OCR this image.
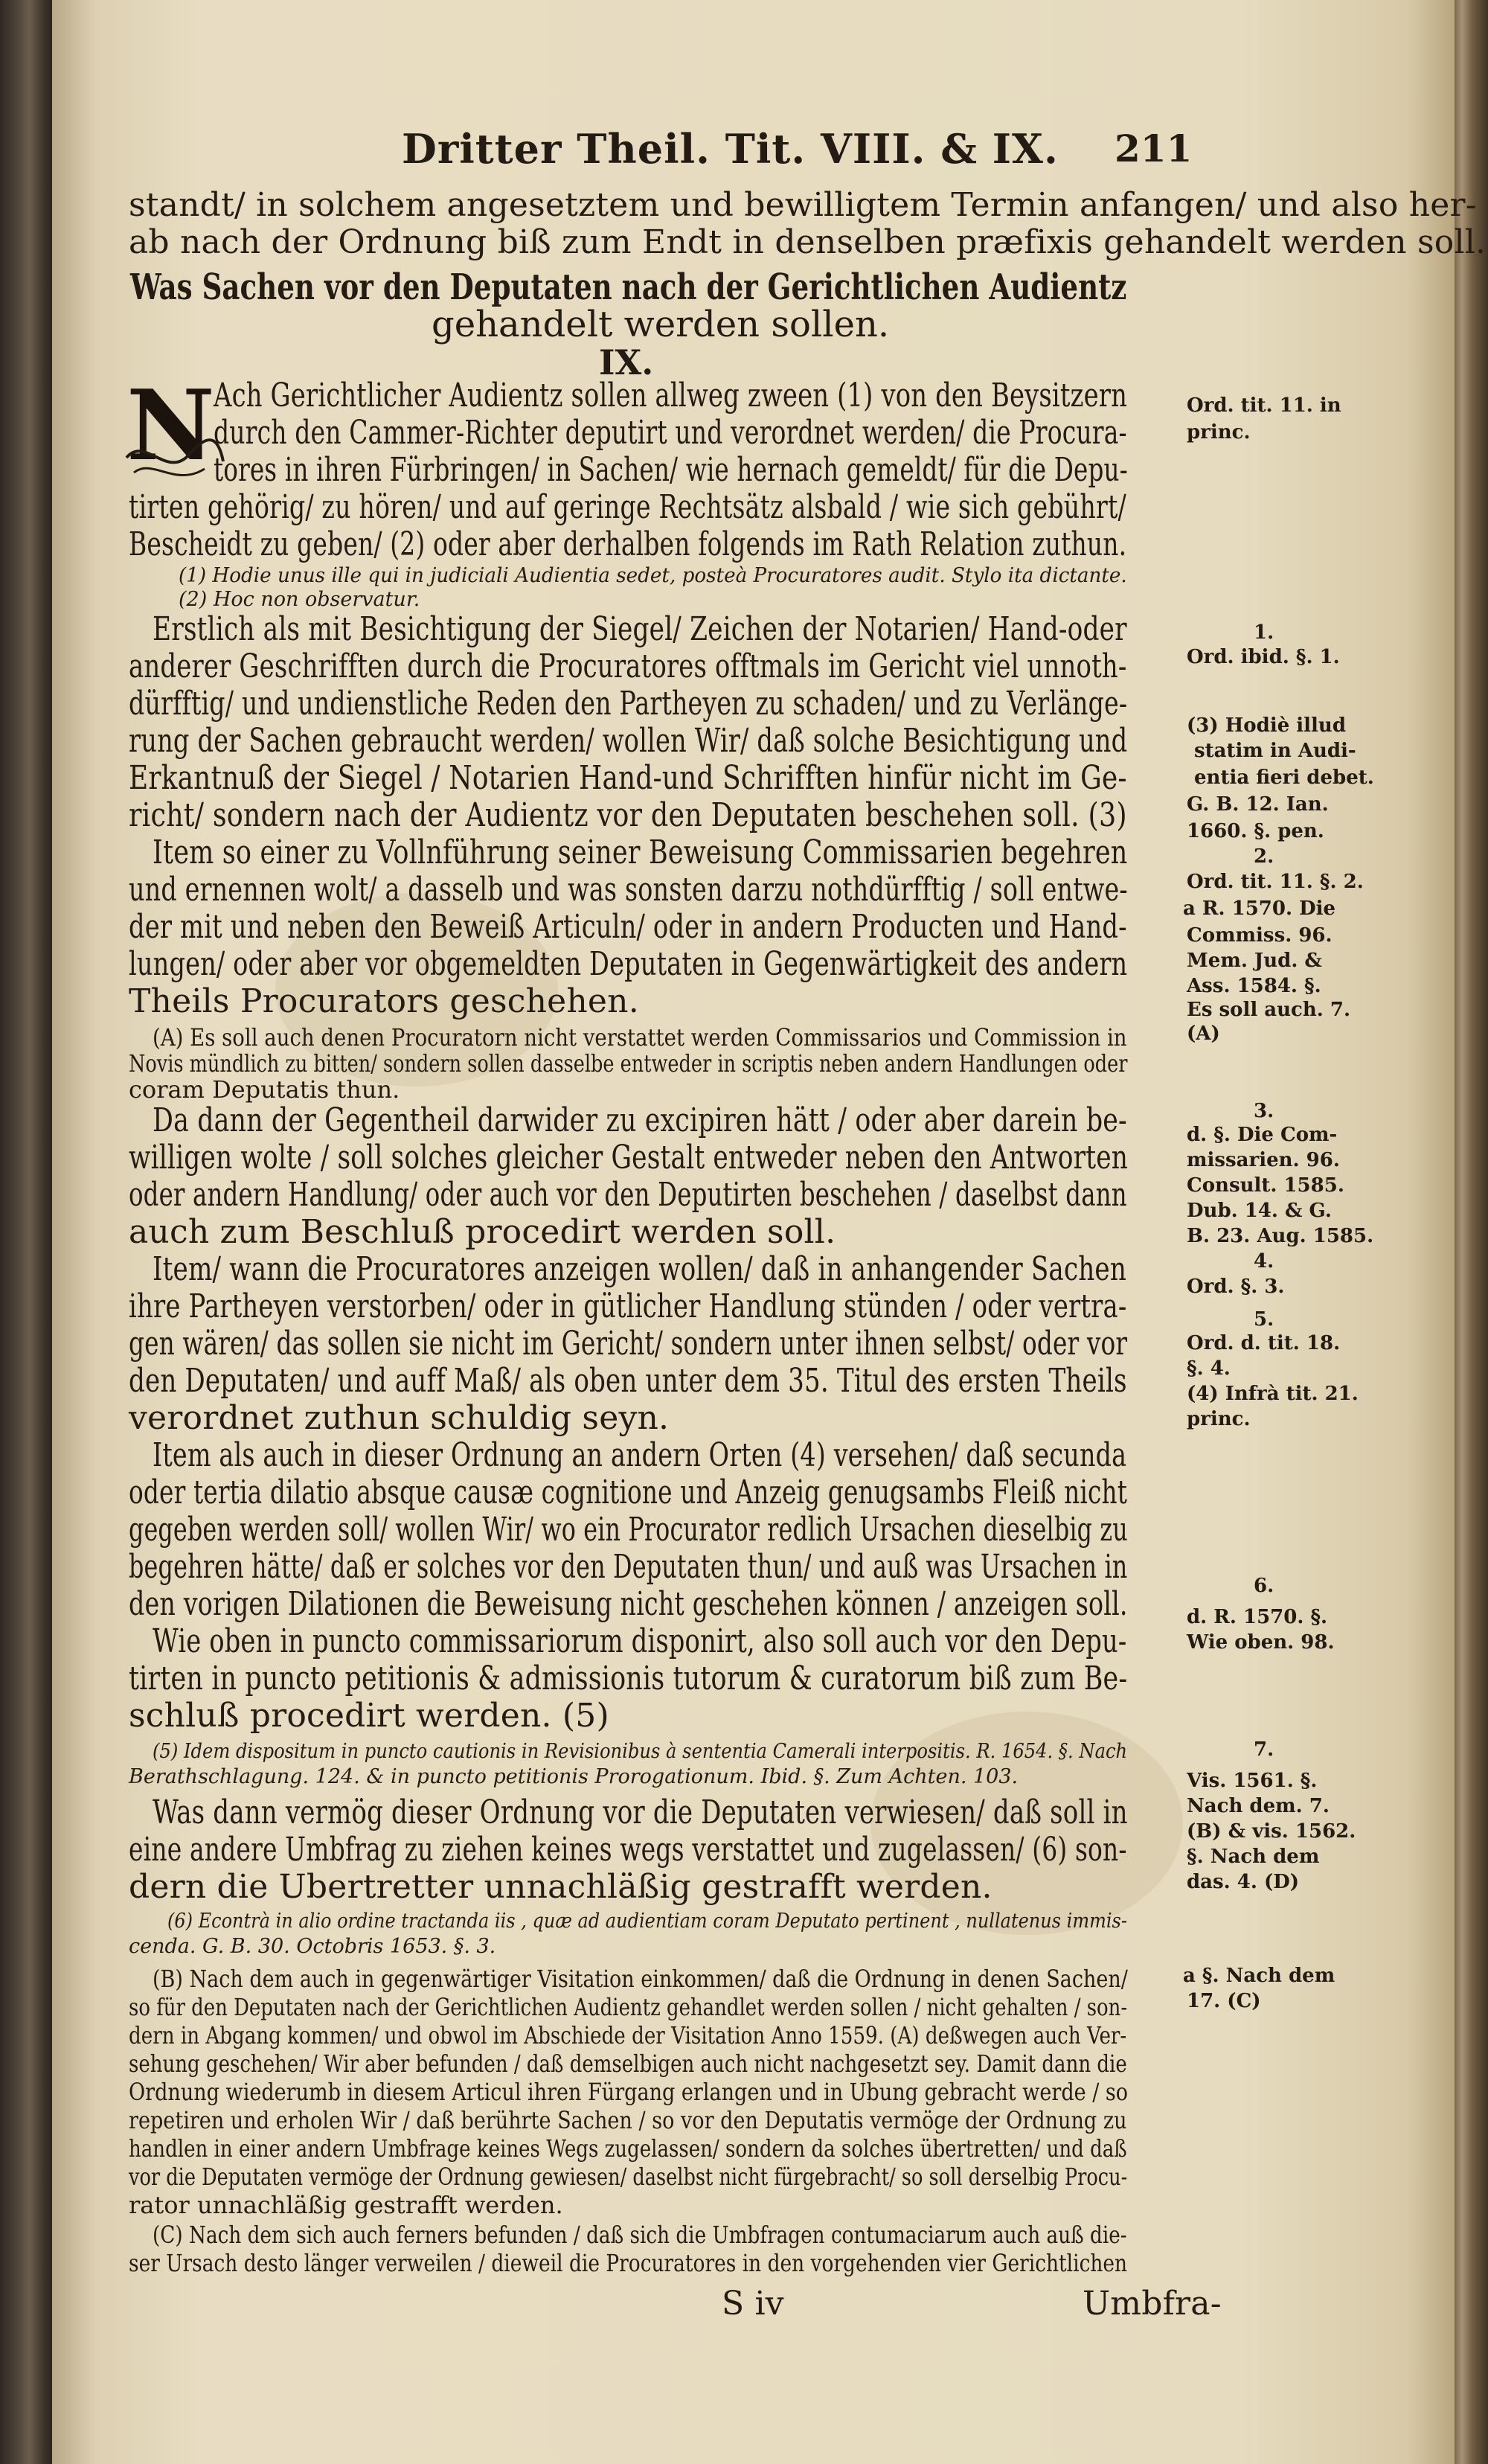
Dritter Theil. Tit. VIII. & IX. 211
standt/ in solchem angesetztem und bewilligtem Termin anfangen/ und also her-
ab nach der Ordnung biß zum Endt in denselben præfixis gehandelt werden soll.
Was Sachen vor den Deputaten nach der Gerichtlichen Audientz
gehandelt werden sollen.
IX.
N
Ach Gerichtlicher Audientz sollen allweg zween (1) von den Beysitzern
durch den Cammer-Richter deputirt und verordnet werden/ die Procura-
tores in ihren Fürbringen/ in Sachen/ wie hernach gemeldt/ für die Depu-
tirten gehörig/ zu hören/ und auf geringe Rechtsätz alsbald / wie sich gebührt/
Bescheidt zu geben/ (2) oder aber derhalben folgends im Rath Relation zuthun.
(1) Hodie unus ille qui in judiciali Audientia sedet, posteà Procuratores audit. Stylo ita dictante.
(2) Hoc non observatur.
Erstlich als mit Besichtigung der Siegel/ Zeichen der Notarien/ Hand-oder
anderer Geschrifften durch die Procuratores offtmals im Gericht viel unnoth-
dürfftig/ und undienstliche Reden den Partheyen zu schaden/ und zu Verlänge-
rung der Sachen gebraucht werden/ wollen Wir/ daß solche Besichtigung und
Erkantnuß der Siegel / Notarien Hand-und Schrifften hinfür nicht im Ge-
richt/ sondern nach der Audientz vor den Deputaten beschehen soll. (3)
Item so einer zu Vollnführung seiner Beweisung Commissarien begehren
und ernennen wolt/ a dasselb und was sonsten darzu nothdürfftig / soll entwe-
der mit und neben den Beweiß Articuln/ oder in andern Producten und Hand-
lungen/ oder aber vor obgemeldten Deputaten in Gegenwärtigkeit des andern
Theils Procurators geschehen.
(A) Es soll auch denen Procuratorn nicht verstattet werden Commissarios und Commission in
Novis mündlich zu bitten/ sondern sollen dasselbe entweder in scriptis neben andern Handlungen oder
coram Deputatis thun.
Da dann der Gegentheil darwider zu excipiren hätt / oder aber darein be-
willigen wolte / soll solches gleicher Gestalt entweder neben den Antworten
oder andern Handlung/ oder auch vor den Deputirten beschehen / daselbst dann
auch zum Beschluß procedirt werden soll.
Item/ wann die Procuratores anzeigen wollen/ daß in anhangender Sachen
ihre Partheyen verstorben/ oder in gütlicher Handlung stünden / oder vertra-
gen wären/ das sollen sie nicht im Gericht/ sondern unter ihnen selbst/ oder vor
den Deputaten/ und auff Maß/ als oben unter dem 35. Titul des ersten Theils
verordnet zuthun schuldig seyn.
Item als auch in dieser Ordnung an andern Orten (4) versehen/ daß secunda
oder tertia dilatio absque causæ cognitione und Anzeig genugsambs Fleiß nicht
gegeben werden soll/ wollen Wir/ wo ein Procurator redlich Ursachen dieselbig zu
begehren hätte/ daß er solches vor den Deputaten thun/ und auß was Ursachen in
den vorigen Dilationen die Beweisung nicht geschehen können / anzeigen soll.
Wie oben in puncto commissariorum disponirt, also soll auch vor den Depu-
tirten in puncto petitionis & admissionis tutorum & curatorum biß zum Be-
schluß procedirt werden. (5)
(5) Idem dispositum in puncto cautionis in Revisionibus à sententia Camerali interpositis. R. 1654. §. Nach
Berathschlagung. 124. & in puncto petitionis Prorogationum. Ibid. §. Zum Achten. 103.
Was dann vermög dieser Ordnung vor die Deputaten verwiesen/ daß soll in
eine andere Umbfrag zu ziehen keines wegs verstattet und zugelassen/ (6) son-
dern die Ubertretter unnachläßig gestrafft werden.
(6) Econtrà in alio ordine tractanda iis , quæ ad audientiam coram Deputato pertinent , nullatenus immis-
cenda. G. B. 30. Octobris 1653. §. 3.
(B) Nach dem auch in gegenwärtiger Visitation einkommen/ daß die Ordnung in denen Sachen/
so für den Deputaten nach der Gerichtlichen Audientz gehandlet werden sollen / nicht gehalten / son-
dern in Abgang kommen/ und obwol im Abschiede der Visitation Anno 1559. (A) deßwegen auch Ver-
sehung geschehen/ Wir aber befunden / daß demselbigen auch nicht nachgesetzt sey. Damit dann die
Ordnung wiederumb in diesem Articul ihren Fürgang erlangen und in Ubung gebracht werde / so
repetiren und erholen Wir / daß berührte Sachen / so vor den Deputatis vermöge der Ordnung zu
handlen in einer andern Umbfrage keines Wegs zugelassen/ sondern da solches übertretten/ und daß
vor die Deputaten vermöge der Ordnung gewiesen/ daselbst nicht fürgebracht/ so soll derselbig Procu-
rator unnachläßig gestrafft werden.
(C) Nach dem sich auch ferners befunden / daß sich die Umbfragen contumaciarum auch auß die-
ser Ursach desto länger verweilen / dieweil die Procuratores in den vorgehenden vier Gerichtlichen
Ord. tit. 11. in
princ.
1.
Ord. ibid. §. 1.
(3) Hodiè illud
statim in Audi-
entia fieri debet.
G. B. 12. Ian.
1660. §. pen.
2.
Ord. tit. 11. §. 2.
a R. 1570. Die
Commiss. 96.
Mem. Jud. &
Ass. 1584. §.
Es soll auch. 7.
(A)
3.
d. §. Die Com-
missarien. 96.
Consult. 1585.
Dub. 14. & G.
B. 23. Aug. 1585.
4.
Ord. §. 3.
5.
Ord. d. tit. 18.
§. 4.
(4) Infrà tit. 21.
princ.
6.
d. R. 1570. §.
Wie oben. 98.
7.
Vis. 1561. §.
Nach dem. 7.
(B) & vis. 1562.
§. Nach dem
das. 4. (D)
a §. Nach dem
17. (C)
S iv	Umbfra-
